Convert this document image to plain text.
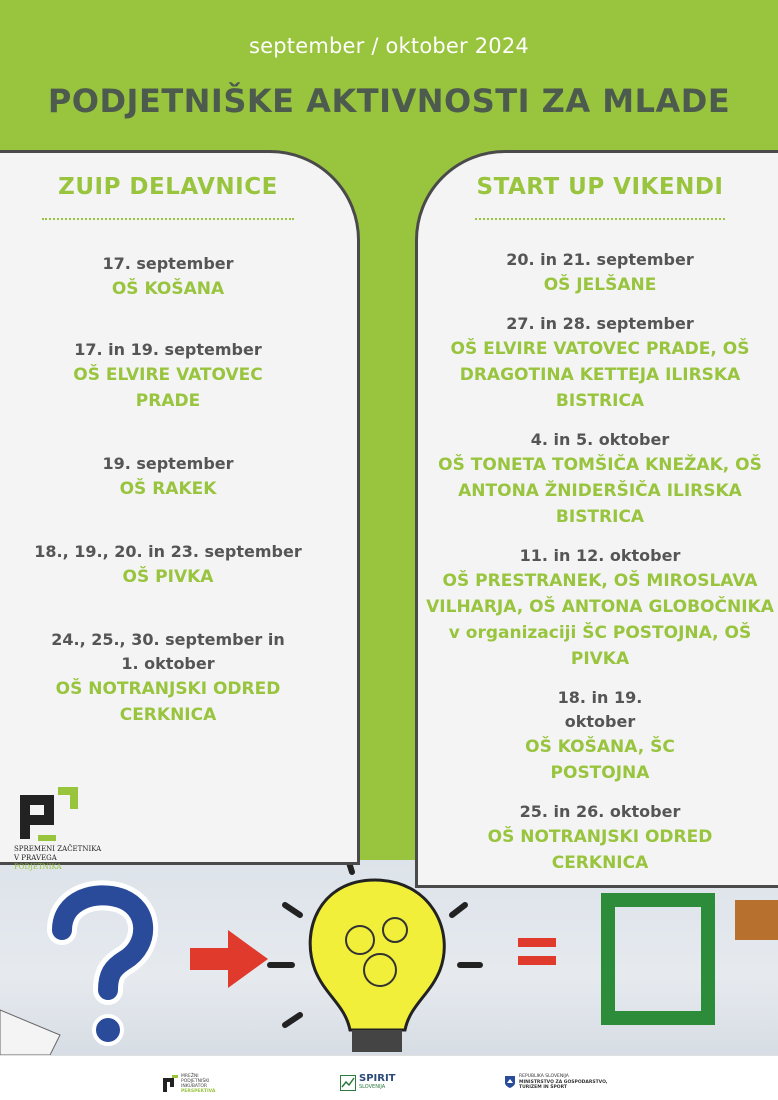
september / oktober 2024
PODJETNIŠKE AKTIVNOSTI ZA MLADE
ZUIP DELAVNICE
17. september
OŠ KOŠANA
17. in 19. september
OŠ ELVIRE VATOVEC PRADE
19. september
OŠ RAKEK
18., 19., 20. in 23. september
OŠ PIVKA
24., 25., 30. september in 1. oktober
OŠ NOTRANJSKI ODRED CERKNICA
START UP VIKENDI
20. in 21. september
OŠ JELŠANE
27. in 28. september
OŠ ELVIRE VATOVEC PRADE, OŠ DRAGOTINA KETTEJA ILIRSKA BISTRICA
4. in 5. oktober
OŠ TONETA TOMŠIČA KNEŽAK, OŠ ANTONA ŽNIDERŠIČA ILIRSKA BISTRICA
11. in 12. oktober
OŠ PRESTRANEK, OŠ MIROSLAVA VILHARJA, OŠ ANTONA GLOBOČNIKA v organizaciji ŠC POSTOJNA, OŠ PIVKA
18. in 19. oktober
OŠ KOŠANA, ŠC POSTOJNA
25. in 26. oktober
OŠ NOTRANJSKI ODRED CERKNICA
SPREMENI ZAČETNIKA
V PRAVEGA PODJETNIKA
MREŽNI
PODJETNIŠKI
INKUBATOR
PERSPEKTIVA
SPIRIT
SLOVENIJA
REPUBLIKA SLOVENIJA
MINISTRSTVO ZA GOSPODARSTVO,
TURIZEM IN ŠPORT
